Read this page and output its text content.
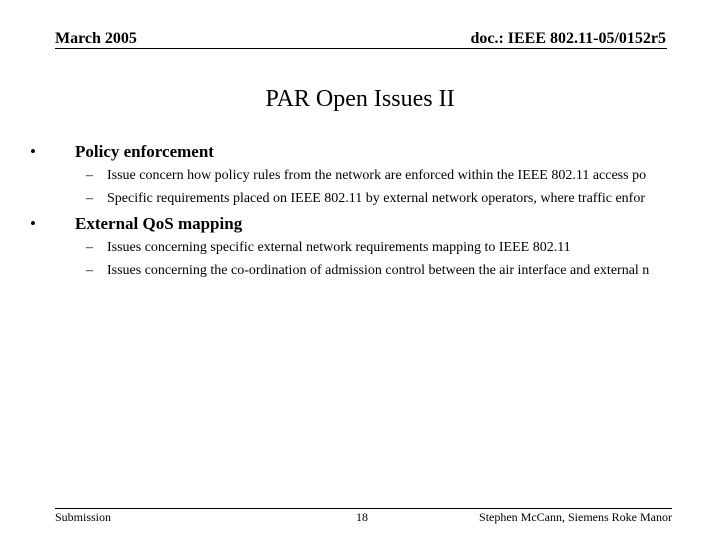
March 2005	doc.: IEEE 802.11-05/0152r5
PAR Open Issues II
• Policy enforcement
– Issue concern how policy rules from the network are enforced within the IEEE 802.11 access po
– Specific requirements placed on IEEE 802.11 by external network operators, where traffic enfor
• External QoS mapping
– Issues concerning specific external network requirements mapping to IEEE 802.11
– Issues concerning the co-ordination of admission control between the air interface and external n
Submission	18	Stephen McCann, Siemens Roke Manor
